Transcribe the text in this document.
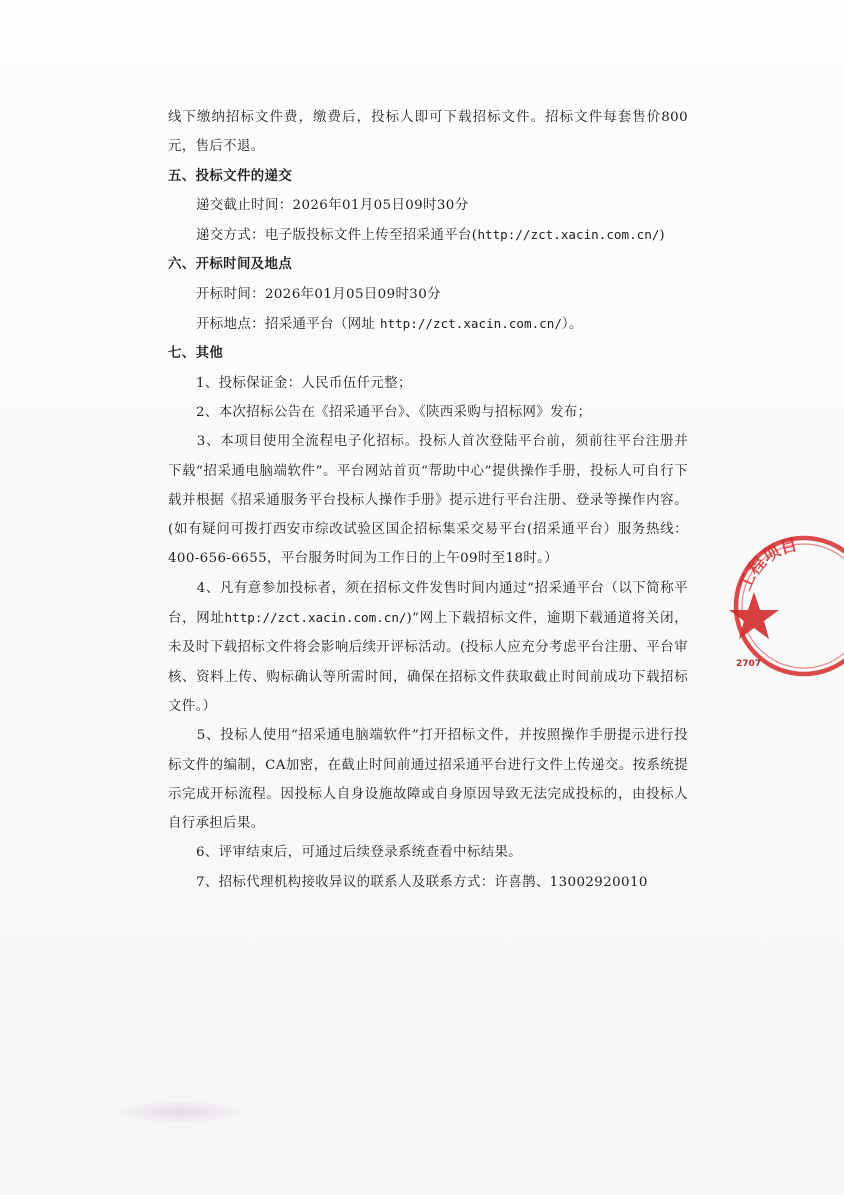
线下缴纳招标文件费，缴费后，投标人即可下载招标文件。招标文件每套售价800元，售后不退。

五、投标文件的递交

递交截止时间：2026年01月05日09时30分

递交方式：电子版投标文件上传至招采通平台(http://zct.xacin.com.cn/)

六、开标时间及地点

开标时间：2026年01月05日09时30分

开标地点：招采通平台（网址 http://zct.xacin.com.cn/）。

七、其他

1、投标保证金：人民币伍仟元整；

2、本次招标公告在《招采通平台》、《陕西采购与招标网》发布；

3、本项目使用全流程电子化招标。投标人首次登陆平台前，须前往平台注册并下载“招采通电脑端软件”。平台网站首页“帮助中心”提供操作手册，投标人可自行下载并根据《招采通服务平台投标人操作手册》提示进行平台注册、登录等操作内容。(如有疑问可拨打西安市综改试验区国企招标集采交易平台(招采通平台）服务热线：400-656-6655，平台服务时间为工作日的上午09时至18时。）

4、凡有意参加投标者，须在招标文件发售时间内通过“招采通平台（以下简称平台，网址http://zct.xacin.com.cn/)”网上下载招标文件，逾期下载通道将关闭，未及时下载招标文件将会影响后续开评标活动。(投标人应充分考虑平台注册、平台审核、资料上传、购标确认等所需时间，确保在招标文件获取截止时间前成功下载招标文件。）

5、投标人使用“招采通电脑端软件”打开招标文件，并按照操作手册提示进行投标文件的编制，CA加密，在截止时间前通过招采通平台进行文件上传递交。按系统提示完成开标流程。因投标人自身设施故障或自身原因导致无法完成投标的，由投标人自行承担后果。

6、评审结束后，可通过后续登录系统查看中标结果。

7、招标代理机构接收异议的联系人及联系方式：许喜鹊、13002920010

工程项目
2707
